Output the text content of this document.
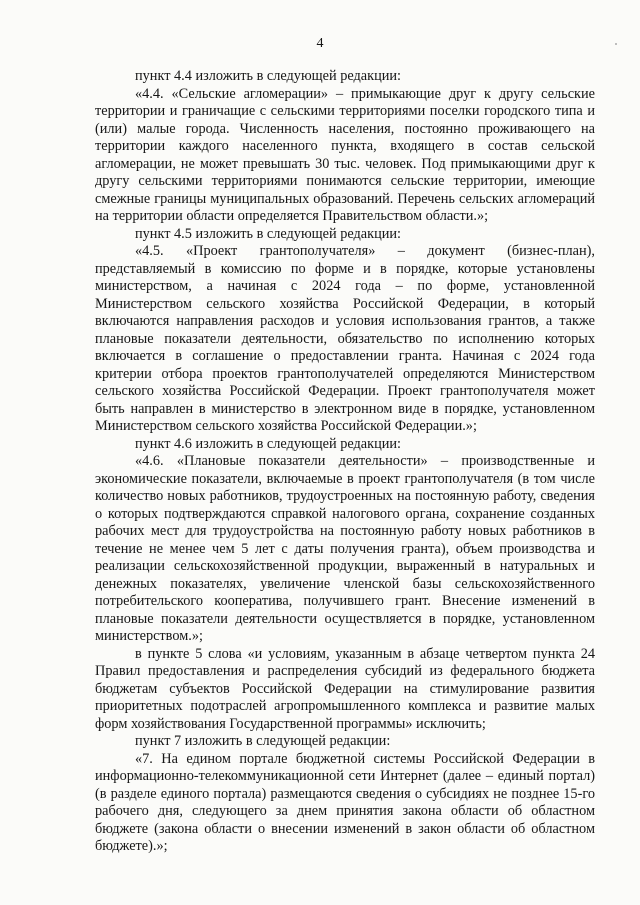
4

пункт 4.4 изложить в следующей редакции:

«4.4. «Сельские агломерации» – примыкающие друг к другу сельские территории и граничащие с сельскими территориями поселки городского типа и (или) малые города. Численность населения, постоянно проживающего на территории каждого населенного пункта, входящего в состав сельской агломерации, не может превышать 30 тыс. человек. Под примыкающими друг к другу сельскими территориями понимаются сельские территории, имеющие смежные границы муниципальных образований. Перечень сельских агломераций на территории области определяется Правительством области.»;

пункт 4.5 изложить в следующей редакции:

«4.5. «Проект грантополучателя» – документ (бизнес-план), представляемый в комиссию по форме и в порядке, которые установлены министерством, а начиная с 2024 года – по форме, установленной Министерством сельского хозяйства Российской Федерации, в который включаются направления расходов и условия использования грантов, а также плановые показатели деятельности, обязательство по исполнению которых включается в соглашение о предоставлении гранта. Начиная с 2024 года критерии отбора проектов грантополучателей определяются Министерством сельского хозяйства Российской Федерации. Проект грантополучателя может быть направлен в министерство в электронном виде в порядке, установленном Министерством сельского хозяйства Российской Федерации.»;

пункт 4.6 изложить в следующей редакции:

«4.6. «Плановые показатели деятельности» – производственные и экономические показатели, включаемые в проект грантополучателя (в том числе количество новых работников, трудоустроенных на постоянную работу, сведения о которых подтверждаются справкой налогового органа, сохранение созданных рабочих мест для трудоустройства на постоянную работу новых работников в течение не менее чем 5 лет с даты получения гранта), объем производства и реализации сельскохозяйственной продукции, выраженный в натуральных и денежных показателях, увеличение членской базы сельскохозяйственного потребительского кооператива, получившего грант. Внесение изменений в плановые показатели деятельности осуществляется в порядке, установленном министерством.»;

в пункте 5 слова «и условиям, указанным в абзаце четвертом пункта 24 Правил предоставления и распределения субсидий из федерального бюджета бюджетам субъектов Российской Федерации на стимулирование развития приоритетных подотраслей агропромышленного комплекса и развитие малых форм хозяйствования Государственной программы» исключить;

пункт 7 изложить в следующей редакции:

«7. На едином портале бюджетной системы Российской Федерации в информационно-телекоммуникационной сети Интернет (далее – единый портал) (в разделе единого портала) размещаются сведения о субсидиях не позднее 15-го рабочего дня, следующего за днем принятия закона области об областном бюджете (закона области о внесении изменений в закон области об областном бюджете).»;
